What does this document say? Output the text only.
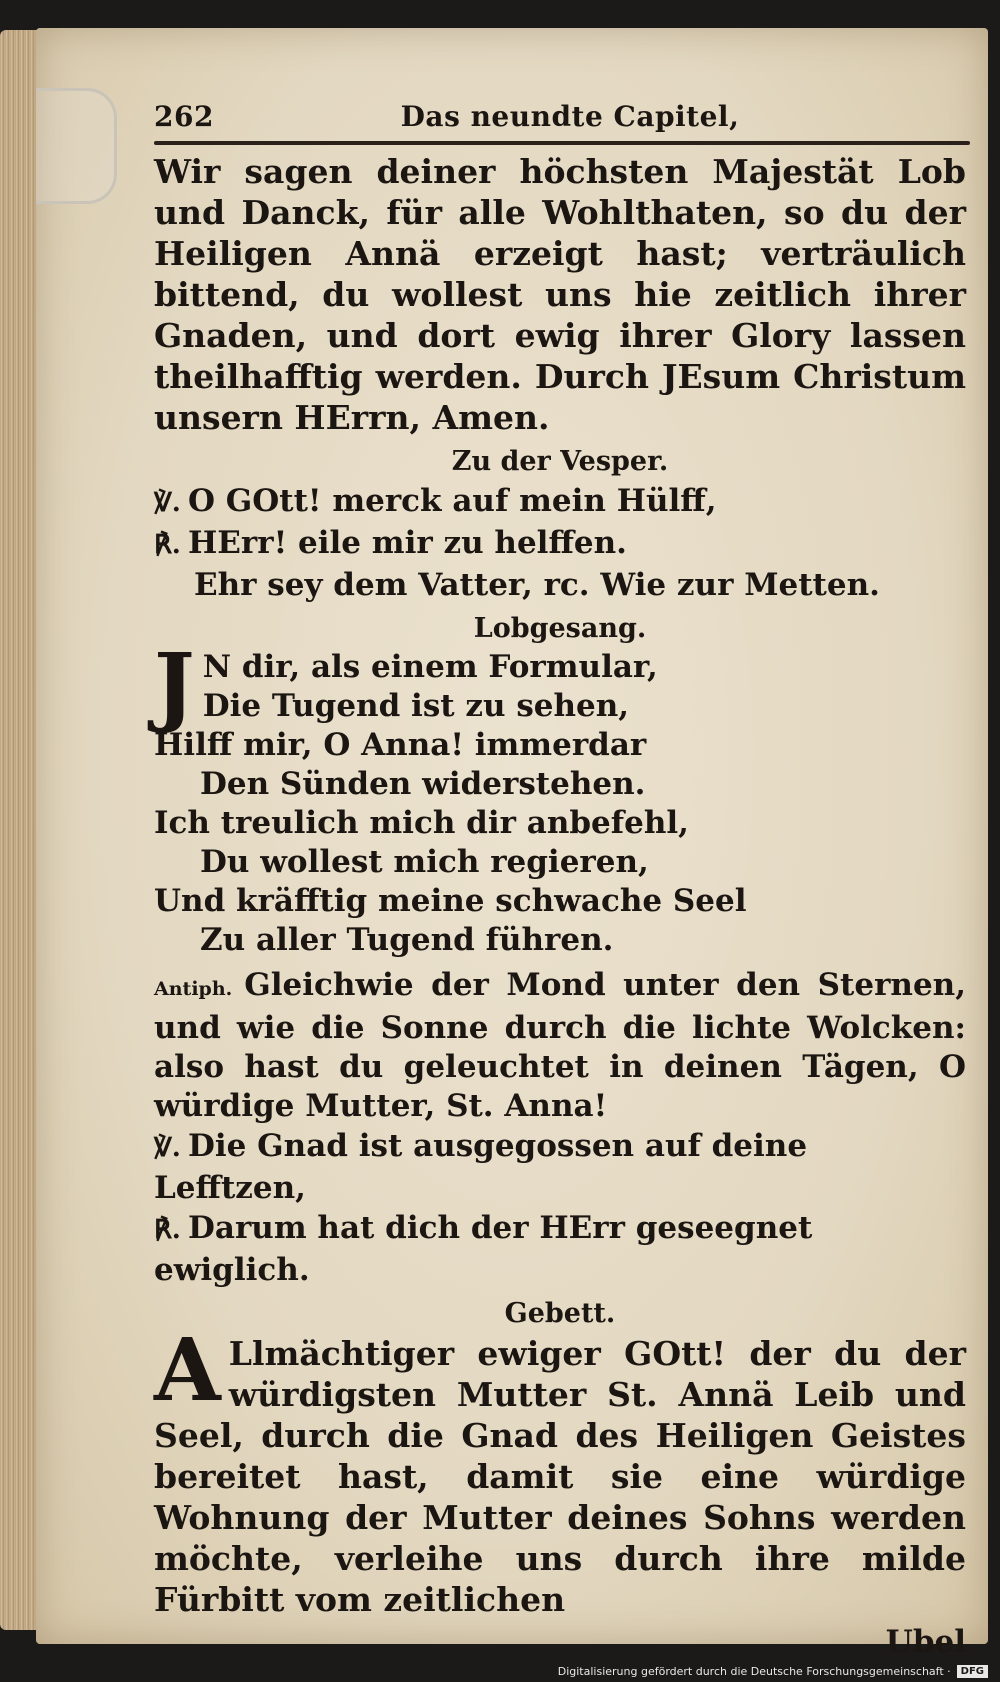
262	Das neundte Capitel,

Wir sagen deiner höchsten Majestät Lob und Danck, für alle Wohlthaten, so du der Heiligen Annä erzeigt hast; verträulich bittend, du wollest uns hie zeitlich ihrer Gnaden, und dort ewig ihrer Glory lassen theilhafftig werden. Durch JEsum Christum unsern HErrn, Amen.

Zu der Vesper.

℣. O GOtt! merck auf mein Hülff,

℟. HErr! eile mir zu helffen.

Ehr sey dem Vatter, rc. Wie zur Metten.

Lobgesang.
J N dir, als einem Formular,

Die Tugend ist zu sehen,

Hilff mir, O Anna! immerdar

Den Sünden widerstehen.

Ich treulich mich dir anbefehl,

Du wollest mich regieren,

Und kräfftig meine schwache Seel

Zu aller Tugend führen.

Antiph. Gleichwie der Mond unter den Sternen, und wie die Sonne durch die lichte Wolcken: also hast du geleuchtet in deinen Tägen, O würdige Mutter, St. Anna!

℣. Die Gnad ist ausgegossen auf deine Lefftzen,

℟. Darum hat dich der HErr geseegnet ewiglich.

Gebett.

A Llmächtiger ewiger GOtt! der du der würdigsten Mutter St. Annä Leib und Seel, durch die Gnad des Heiligen Geistes bereitet hast, damit sie eine würdige Wohnung der Mutter deines Sohns werden möchte, verleihe uns durch ihre milde Fürbitt vom zeitlichen

Ubel
Digitalisierung gefördert durch die Deutsche Forschungsgemeinschaft ·	DFG
